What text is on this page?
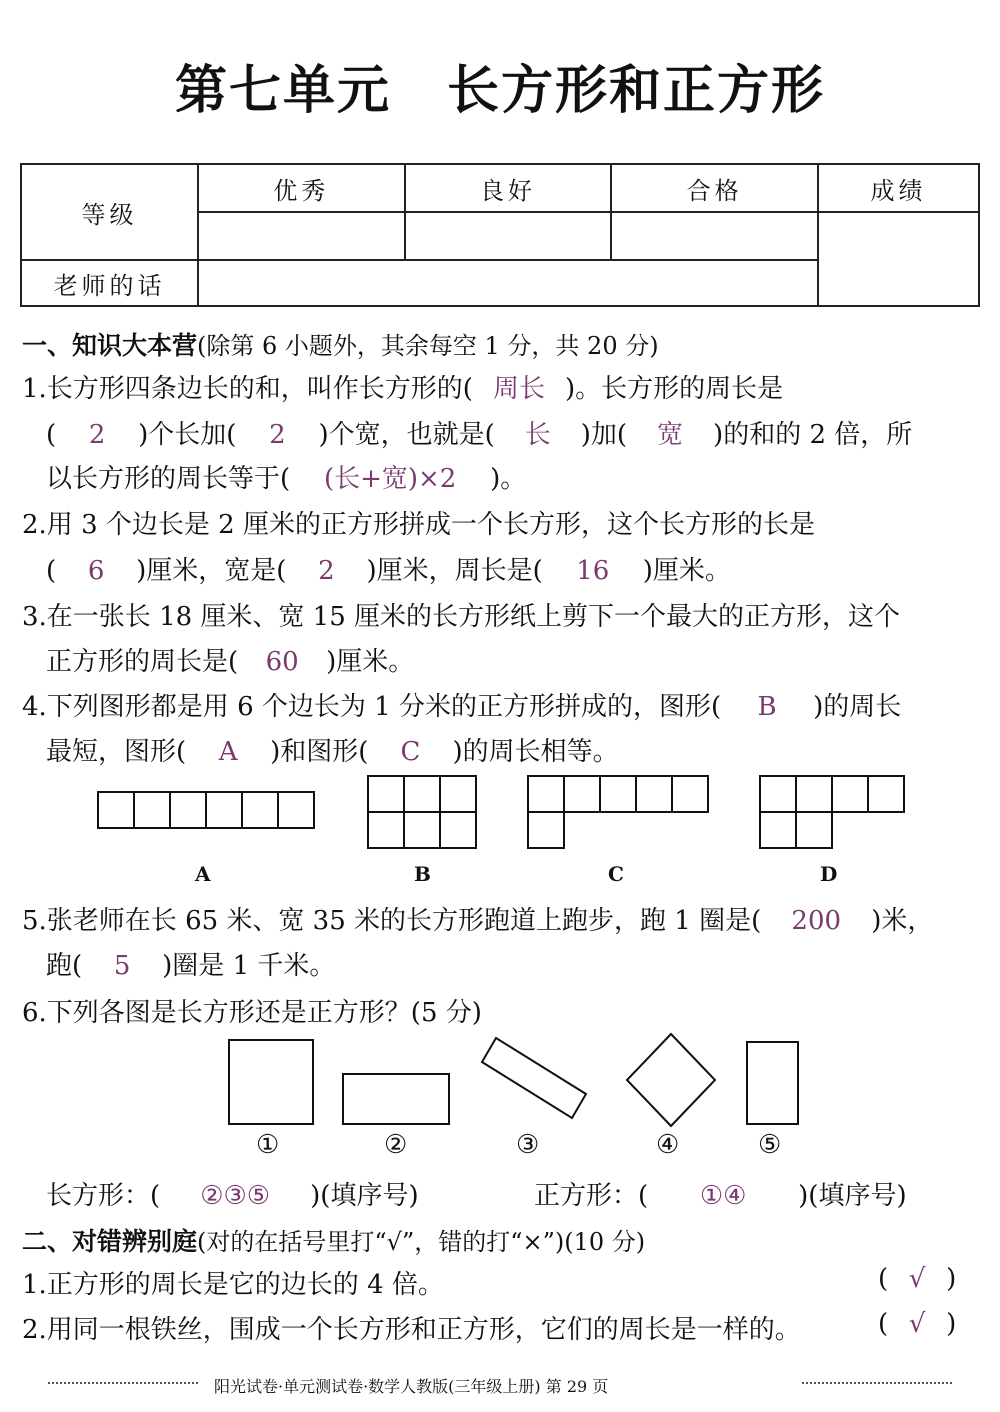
第七单元 长方形和正方形
等级	优秀	良好	合格	成绩

老师的话				
一、知识大本营(除第 6 小题外，其余每空 1 分，共 20 分)
1.长方形四条边长的和，叫作长方形的( 周长 )。长方形的周长是
( 2 )个长加( 2 )个宽，也就是( 长 )加( 宽 )的和的 2 倍，所
以长方形的周长等于( (长+宽)×2 )。
2.用 3 个边长是 2 厘米的正方形拼成一个长方形，这个长方形的长是
( 6 )厘米，宽是( 2 )厘米，周长是( 16 )厘米。
3.在一张长 18 厘米、宽 15 厘米的长方形纸上剪下一个最大的正方形，这个
正方形的周长是( 60 )厘米。
4.下列图形都是用 6 个边长为 1 分米的正方形拼成的，图形( B )的周长
最短，图形( A )和图形( C )的周长相等。
A	B	C	D
5.张老师在长 65 米、宽 35 米的长方形跑道上跑步，跑 1 圈是( 200 )米，
跑( 5 )圈是 1 千米。
6.下列各图是长方形还是正方形？(5 分)
①	②	③	④	⑤
长方形：( ②③⑤ )(填序号)	正方形：( ①④ )(填序号)
二、对错辨别庭(对的在括号里打“√”，错的打“×”)(10 分)
1.正方形的周长是它的边长的 4 倍。	( √ )
2.用同一根铁丝，围成一个长方形和正方形，它们的周长是一样的。	( √ )
阳光试卷·单元测试卷·数学人教版(三年级上册) 第 29 页
